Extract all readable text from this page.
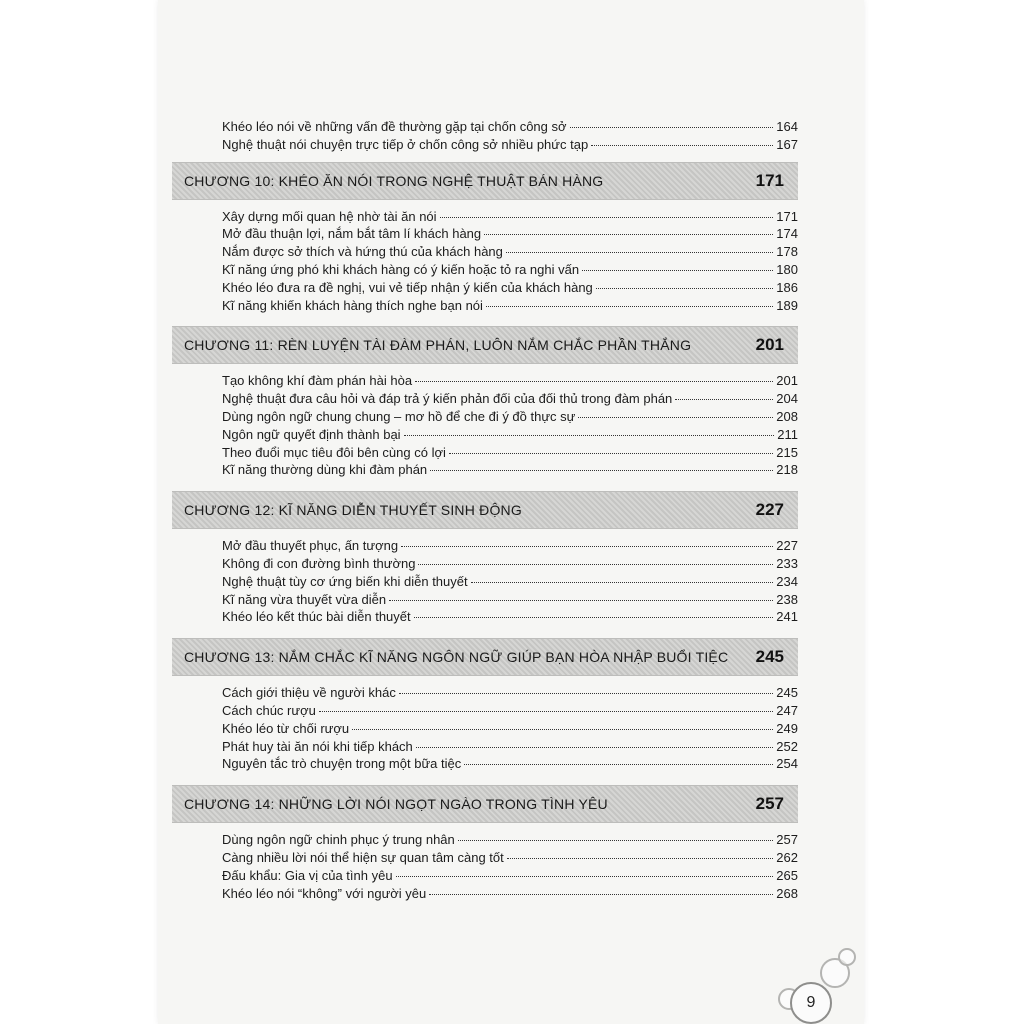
Khéo léo nói về những vấn đề thường gặp tại chốn công sở	164
Nghệ thuật nói chuyện trực tiếp ở chốn công sở nhiều phức tạp	167
CHƯƠNG 10: KHÉO ĂN NÓI TRONG NGHỆ THUẬT BÁN HÀNG	171
Xây dựng mối quan hệ nhờ tài ăn nói	171
Mở đầu thuận lợi, nắm bắt tâm lí khách hàng	174
Nắm được sở thích và hứng thú của khách hàng	178
Kĩ năng ứng phó khi khách hàng có ý kiến hoặc tỏ ra nghi vấn	180
Khéo léo đưa ra đề nghị, vui vẻ tiếp nhận ý kiến của khách hàng	186
Kĩ năng khiến khách hàng thích nghe bạn nói	189
CHƯƠNG 11: RÈN LUYỆN TÀI ĐÀM PHÁN, LUÔN NẮM CHẮC PHẦN THẮNG	201
Tạo không khí đàm phán hài hòa	201
Nghệ thuật đưa câu hỏi và đáp trả ý kiến phản đối của đối thủ trong đàm phán	204
Dùng ngôn ngữ chung chung – mơ hồ để che đi ý đồ thực sự	208
Ngôn ngữ quyết định thành bại	211
Theo đuổi mục tiêu đôi bên cùng có lợi	215
Kĩ năng thường dùng khi đàm phán	218
CHƯƠNG 12: KĨ NĂNG DIỄN THUYẾT SINH ĐỘNG	227
Mở đầu thuyết phục, ấn tượng	227
Không đi con đường bình thường	233
Nghệ thuật tùy cơ ứng biến khi diễn thuyết	234
Kĩ năng vừa thuyết vừa diễn	238
Khéo léo kết thúc bài diễn thuyết	241
CHƯƠNG 13: NẮM CHẮC KĨ NĂNG NGÔN NGỮ GIÚP BẠN HÒA NHẬP BUỔI TIỆC 245
Cách giới thiệu về người khác	245
Cách chúc rượu	247
Khéo léo từ chối rượu	249
Phát huy tài ăn nói khi tiếp khách	252
Nguyên tắc trò chuyện trong một bữa tiệc	254
CHƯƠNG 14: NHỮNG LỜI NÓI NGỌT NGÀO TRONG TÌNH YÊU	257
Dùng ngôn ngữ chinh phục ý trung nhân	257
Càng nhiều lời nói thể hiện sự quan tâm càng tốt	262
Đấu khẩu: Gia vị của tình yêu	265
Khéo léo nói “không” với người yêu	268
9
